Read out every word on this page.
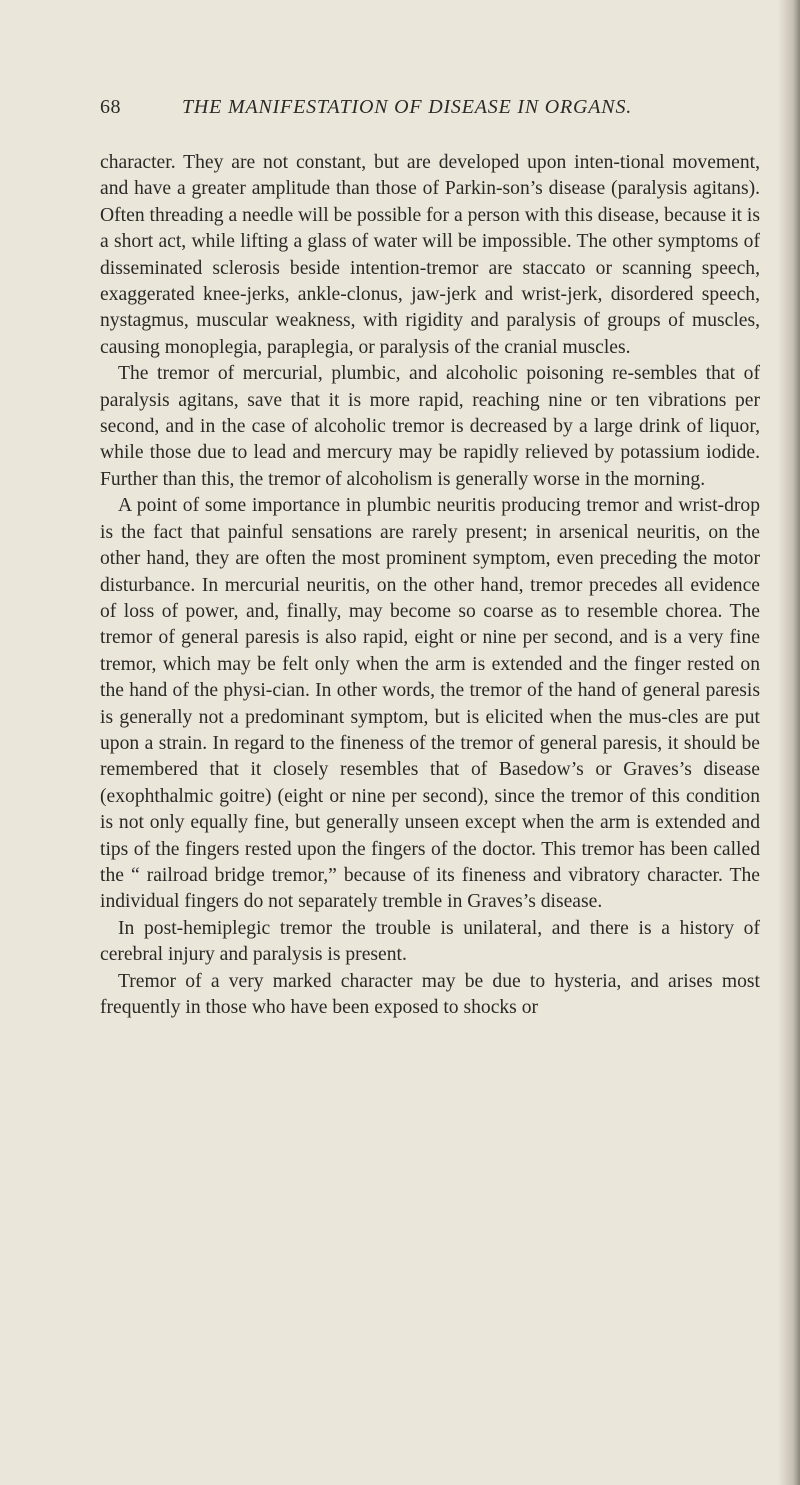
68	THE MANIFESTATION OF DISEASE IN ORGANS.

character. They are not constant, but are developed upon inten-tional movement, and have a greater amplitude than those of Parkin-son’s disease (paralysis agitans). Often threading a needle will be possible for a person with this disease, because it is a short act, while lifting a glass of water will be impossible. The other symptoms of disseminated sclerosis beside intention-tremor are staccato or scanning speech, exaggerated knee-jerks, ankle-clonus, jaw-jerk and wrist-jerk, disordered speech, nystagmus, muscular weakness, with rigidity and paralysis of groups of muscles, causing monoplegia, paraplegia, or paralysis of the cranial muscles.

The tremor of mercurial, plumbic, and alcoholic poisoning re-sembles that of paralysis agitans, save that it is more rapid, reaching nine or ten vibrations per second, and in the case of alcoholic tremor is decreased by a large drink of liquor, while those due to lead and mercury may be rapidly relieved by potassium iodide. Further than this, the tremor of alcoholism is generally worse in the morning.

A point of some importance in plumbic neuritis producing tremor and wrist-drop is the fact that painful sensations are rarely present; in arsenical neuritis, on the other hand, they are often the most prominent symptom, even preceding the motor disturbance. In mercurial neuritis, on the other hand, tremor precedes all evidence of loss of power, and, finally, may become so coarse as to resemble chorea. The tremor of general paresis is also rapid, eight or nine per second, and is a very fine tremor, which may be felt only when the arm is extended and the finger rested on the hand of the physi-cian. In other words, the tremor of the hand of general paresis is generally not a predominant symptom, but is elicited when the mus-cles are put upon a strain. In regard to the fineness of the tremor of general paresis, it should be remembered that it closely resembles that of Basedow’s or Graves’s disease (exophthalmic goitre) (eight or nine per second), since the tremor of this condition is not only equally fine, but generally unseen except when the arm is extended and tips of the fingers rested upon the fingers of the doctor. This tremor has been called the “ railroad bridge tremor,” because of its fineness and vibratory character. The individual fingers do not separately tremble in Graves’s disease.

In post-hemiplegic tremor the trouble is unilateral, and there is a history of cerebral injury and paralysis is present.

Tremor of a very marked character may be due to hysteria, and arises most frequently in those who have been exposed to shocks or
